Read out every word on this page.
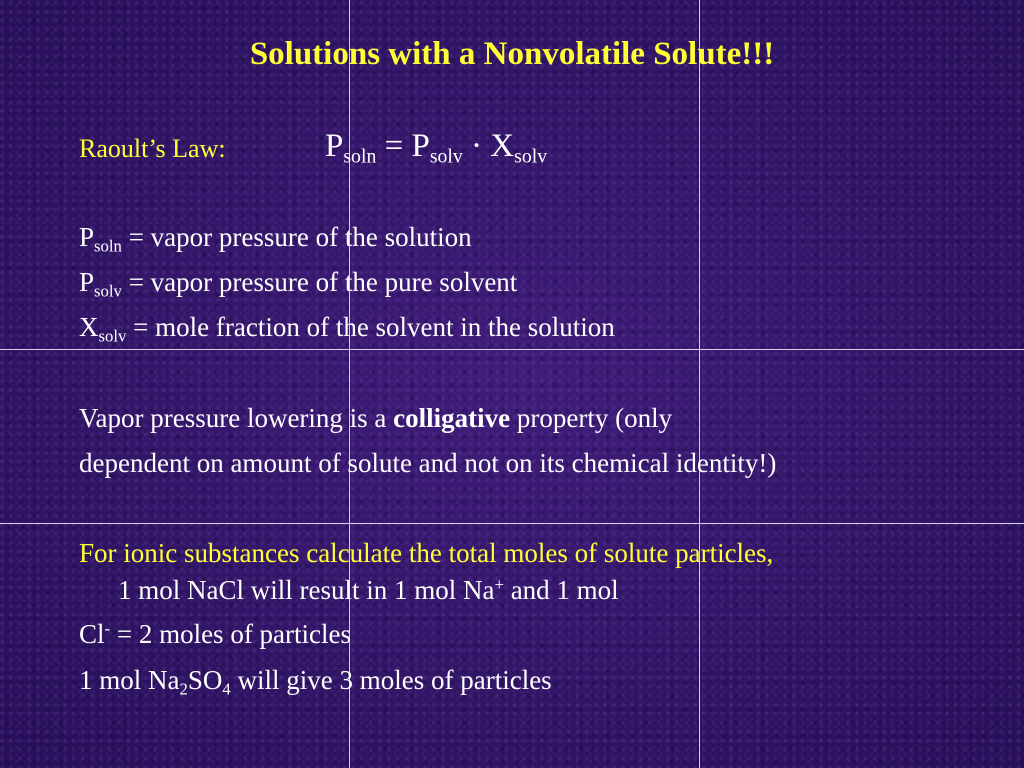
Solutions with a Nonvolatile Solute!!!
Raoult’s Law:	$P_{soln} = P_{solv} \cdot X_{solv}$
$P_{soln}$ = vapor pressure of the solution
$P_{solv}$ = vapor pressure of the pure solvent
$X_{solv}$ = mole fraction of the solvent in the solution
Vapor pressure lowering is a colligative property (only
dependent on amount of solute and not on its chemical identity!)
For ionic substances calculate the total moles of solute particles,
1 mol NaCl will result in 1 mol Na+ and 1 mol
Cl- = 2 moles of particles
1 mol $Na_2SO_4$ will give 3 moles of particles
